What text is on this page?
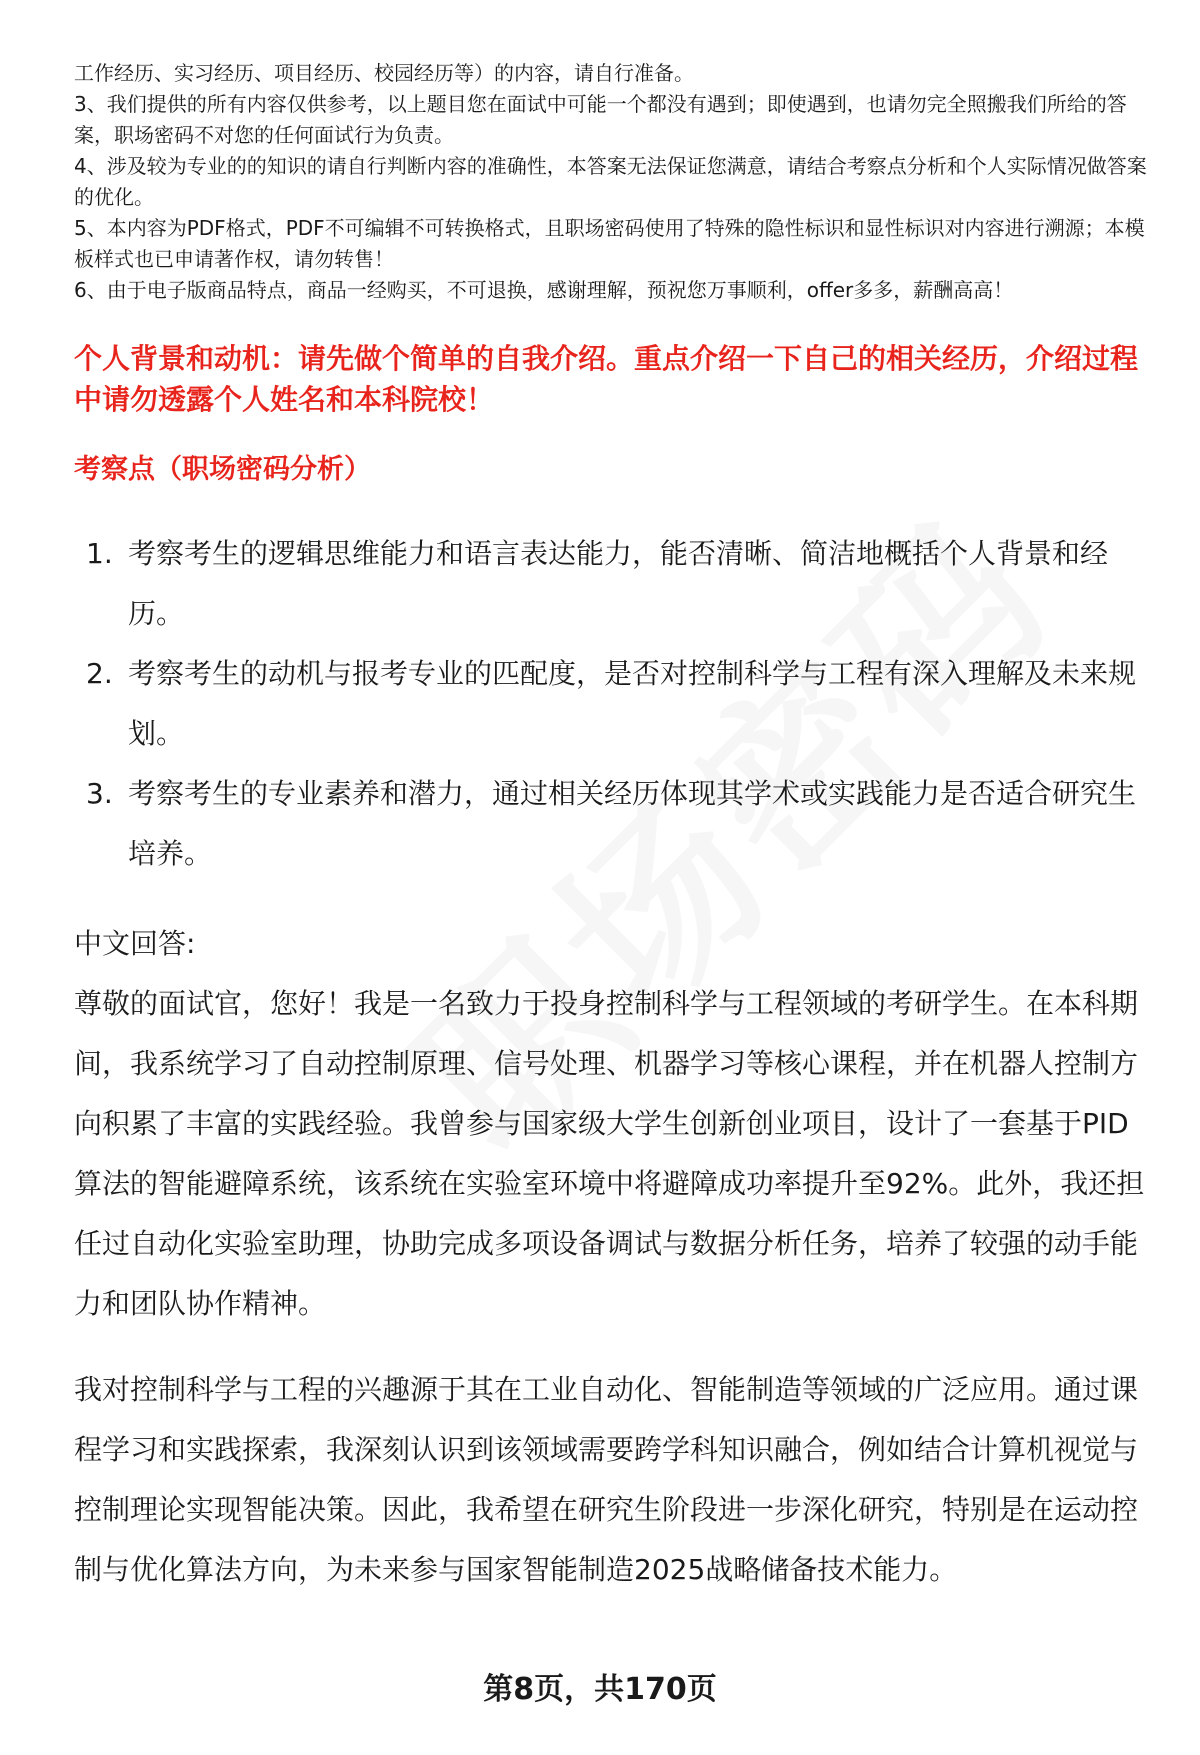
工作经历、实习经历、项目经历、校园经历等）的内容，请自行准备。

3、我们提供的所有内容仅供参考，以上题目您在面试中可能一个都没有遇到；即使遇到，也请勿完全照搬我们所给的答案，职场密码不对您的任何面试行为负责。

4、涉及较为专业的的知识的请自行判断内容的准确性，本答案无法保证您满意，请结合考察点分析和个人实际情况做答案的优化。

5、本内容为PDF格式，PDF不可编辑不可转换格式，且职场密码使用了特殊的隐性标识和显性标识对内容进行溯源；本模板样式也已申请著作权，请勿转售！

6、由于电子版商品特点，商品一经购买，不可退换，感谢理解，预祝您万事顺利，offer多多，薪酬高高！

个人背景和动机：请先做个简单的自我介绍。重点介绍一下自己的相关经历，介绍过程中请勿透露个人姓名和本科院校！
考察点（职场密码分析）
1. 考察考生的逻辑思维能力和语言表达能力，能否清晰、简洁地概括个人背景和经历。
2. 考察考生的动机与报考专业的匹配度，是否对控制科学与工程有深入理解及未来规划。
3. 考察考生的专业素养和潜力，通过相关经历体现其学术或实践能力是否适合研究生培养。

中文回答:

尊敬的面试官，您好！我是一名致力于投身控制科学与工程领域的考研学生。在本科期间，我系统学习了自动控制原理、信号处理、机器学习等核心课程，并在机器人控制方向积累了丰富的实践经验。我曾参与国家级大学生创新创业项目，设计了一套基于PID算法的智能避障系统，该系统在实验室环境中将避障成功率提升至92%。此外，我还担任过自动化实验室助理，协助完成多项设备调试与数据分析任务，培养了较强的动手能力和团队协作精神。

我对控制科学与工程的兴趣源于其在工业自动化、智能制造等领域的广泛应用。通过课程学习和实践探索，我深刻认识到该领域需要跨学科知识融合，例如结合计算机视觉与控制理论实现智能决策。因此，我希望在研究生阶段进一步深化研究，特别是在运动控制与优化算法方向，为未来参与国家智能制造2025战略储备技术能力。

第8页，共170页
